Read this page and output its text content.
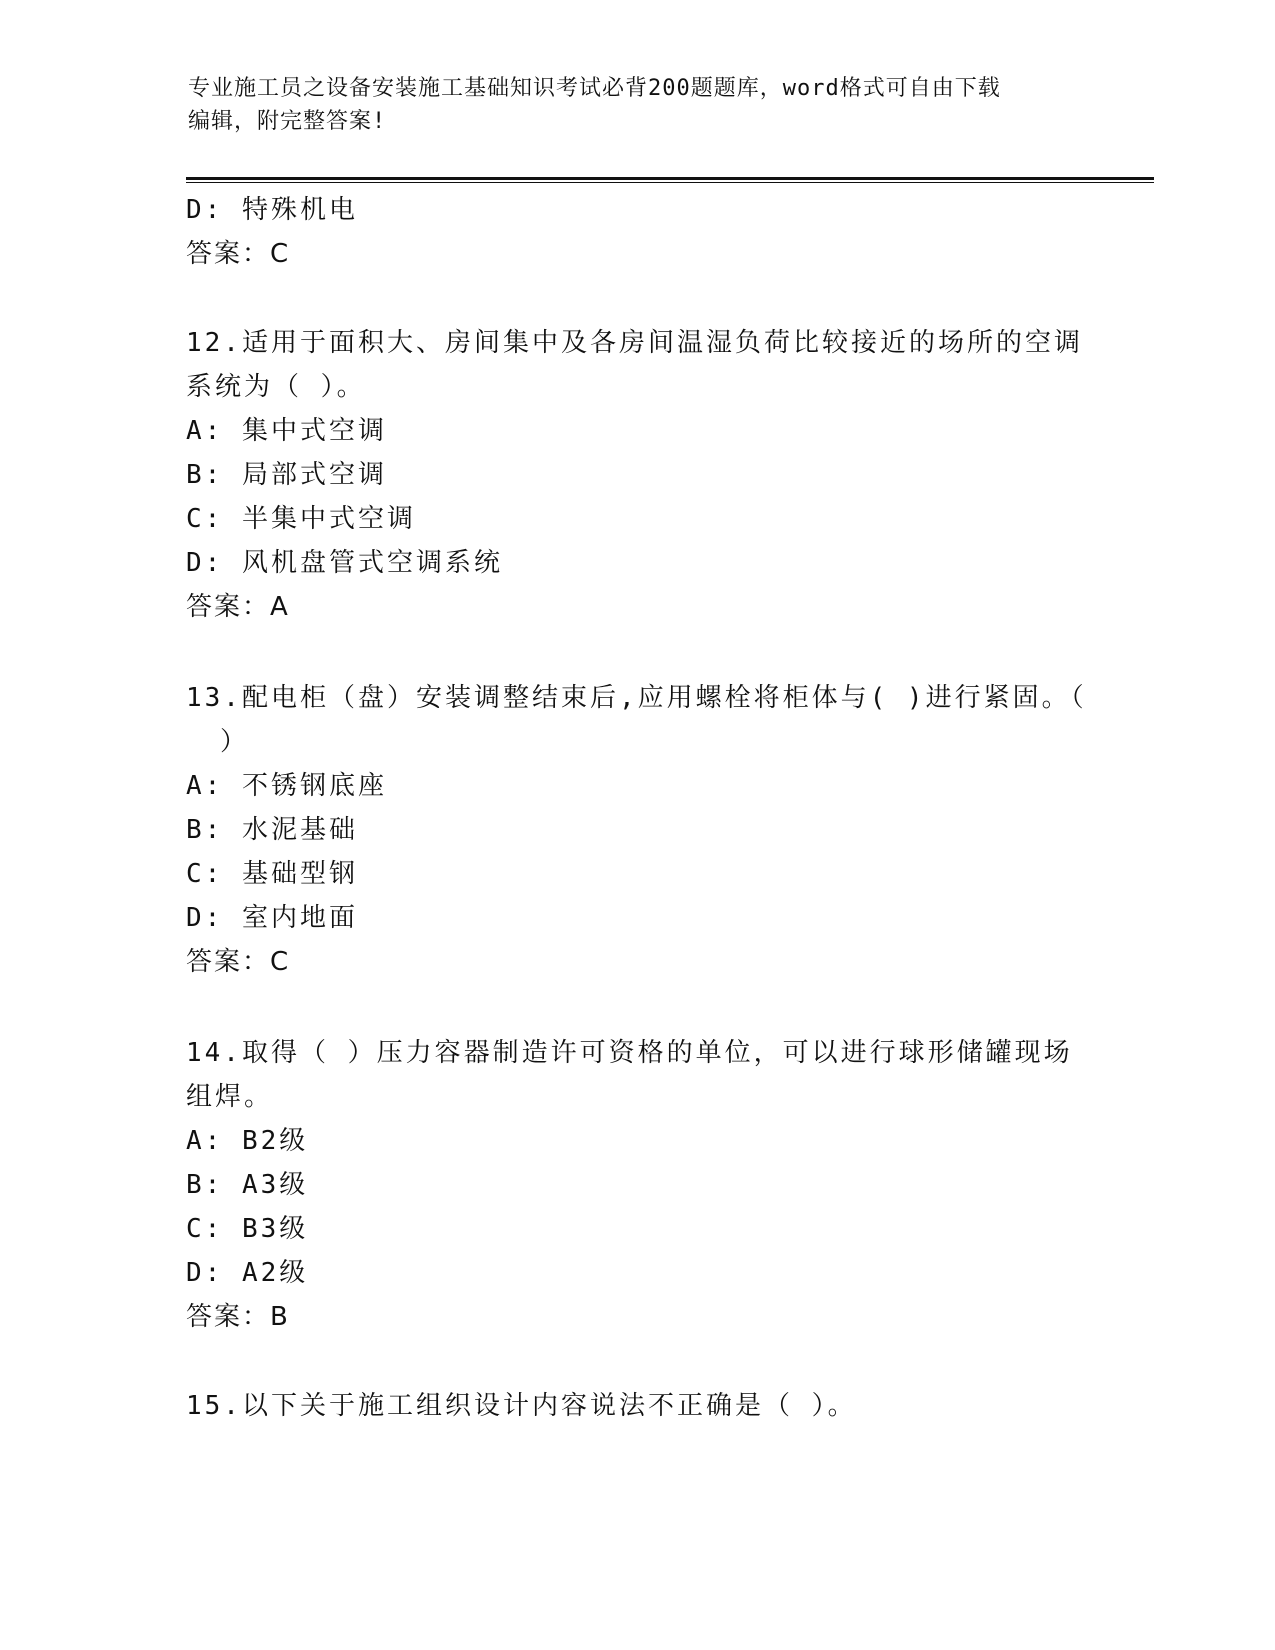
专业施工员之设备安装施工基础知识考试必背200题题库，word格式可自由下载
编辑，附完整答案!
D: 特殊机电
答案：C
12.适用于面积大、房间集中及各房间温湿负荷比较接近的场所的空调
系统为（ ）。
A: 集中式空调
B: 局部式空调
C: 半集中式空调
D: 风机盘管式空调系统
答案：A
13.配电柜（盘）安装调整结束后,应用螺栓将柜体与( )进行紧固。（
）
A: 不锈钢底座
B: 水泥基础
C: 基础型钢
D: 室内地面
答案：C
14.取得（ ）压力容器制造许可资格的单位，可以进行球形储罐现场
组焊。
A: B2级
B: A3级
C: B3级
D: A2级
答案：B
15.以下关于施工组织设计内容说法不正确是（ ）。
